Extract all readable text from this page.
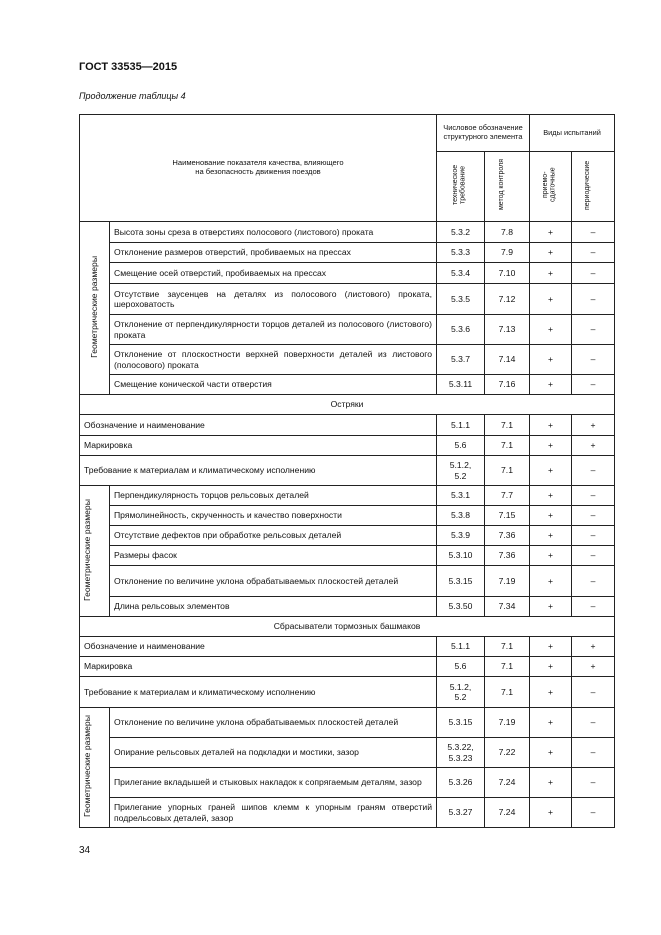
ГОСТ 33535—2015
Продолжение таблицы 4
Наименование показателя качества, влияющего на безопасность движения поездов		Числовое обозначение структурного элемента		Виды испытаний	
		техническое требование	метод контроля	приемо-сдаточные	периодические
Геометрические размеры	Высота зоны среза в отверстиях полосового (листового) проката	5.3.2	7.8	+	–
	Отклонение размеров отверстий, пробиваемых на прессах	5.3.3	7.9	+	–
	Смещение осей отверстий, пробиваемых на прессах	5.3.4	7.10	+	–
	Отсутствие заусенцев на деталях из полосового (листового) проката, шероховатость	5.3.5	7.12	+	–
	Отклонение от перпендикулярности торцов деталей из полосового (листового) проката	5.3.6	7.13	+	–
	Отклонение от плоскостности верхней поверхности деталей из листового (полосового) проката	5.3.7	7.14	+	–
	Смещение конической части отверстия	5.3.11	7.16	+	–
Остряки					
Обозначение и наименование		5.1.1	7.1	+	+
Маркировка		5.6	7.1	+	+
Требование к материалам и климатическому исполнению		5.1.2, 5.2	7.1	+	–
Геометрические размеры	Перпендикулярность торцов рельсовых деталей	5.3.1	7.7	+	–
	Прямолинейность, скрученность и качество поверхности	5.3.8	7.15	+	–
	Отсутствие дефектов при обработке рельсовых деталей	5.3.9	7.36	+	–
	Размеры фасок	5.3.10	7.36	+	–
	Отклонение по величине уклона обрабатываемых плоскостей деталей	5.3.15	7.19	+	–
	Длина рельсовых элементов	5.3.50	7.34	+	–
Сбрасыватели тормозных башмаков					
Обозначение и наименование		5.1.1	7.1	+	+
Маркировка		5.6	7.1	+	+
Требование к материалам и климатическому исполнению		5.1.2, 5.2	7.1	+	–
Геометрические размеры	Отклонение по величине уклона обрабатываемых плоскостей деталей	5.3.15	7.19	+	–
	Опирание рельсовых деталей на подкладки и мостики, зазор	5.3.22, 5.3.23	7.22	+	–
	Прилегание вкладышей и стыковых накладок к сопрягаемым деталям, зазор	5.3.26	7.24	+	–
	Прилегание упорных граней шипов клемм к упорным граням отверстий подрельсовых деталей, зазор	5.3.27	7.24	+	–
34
